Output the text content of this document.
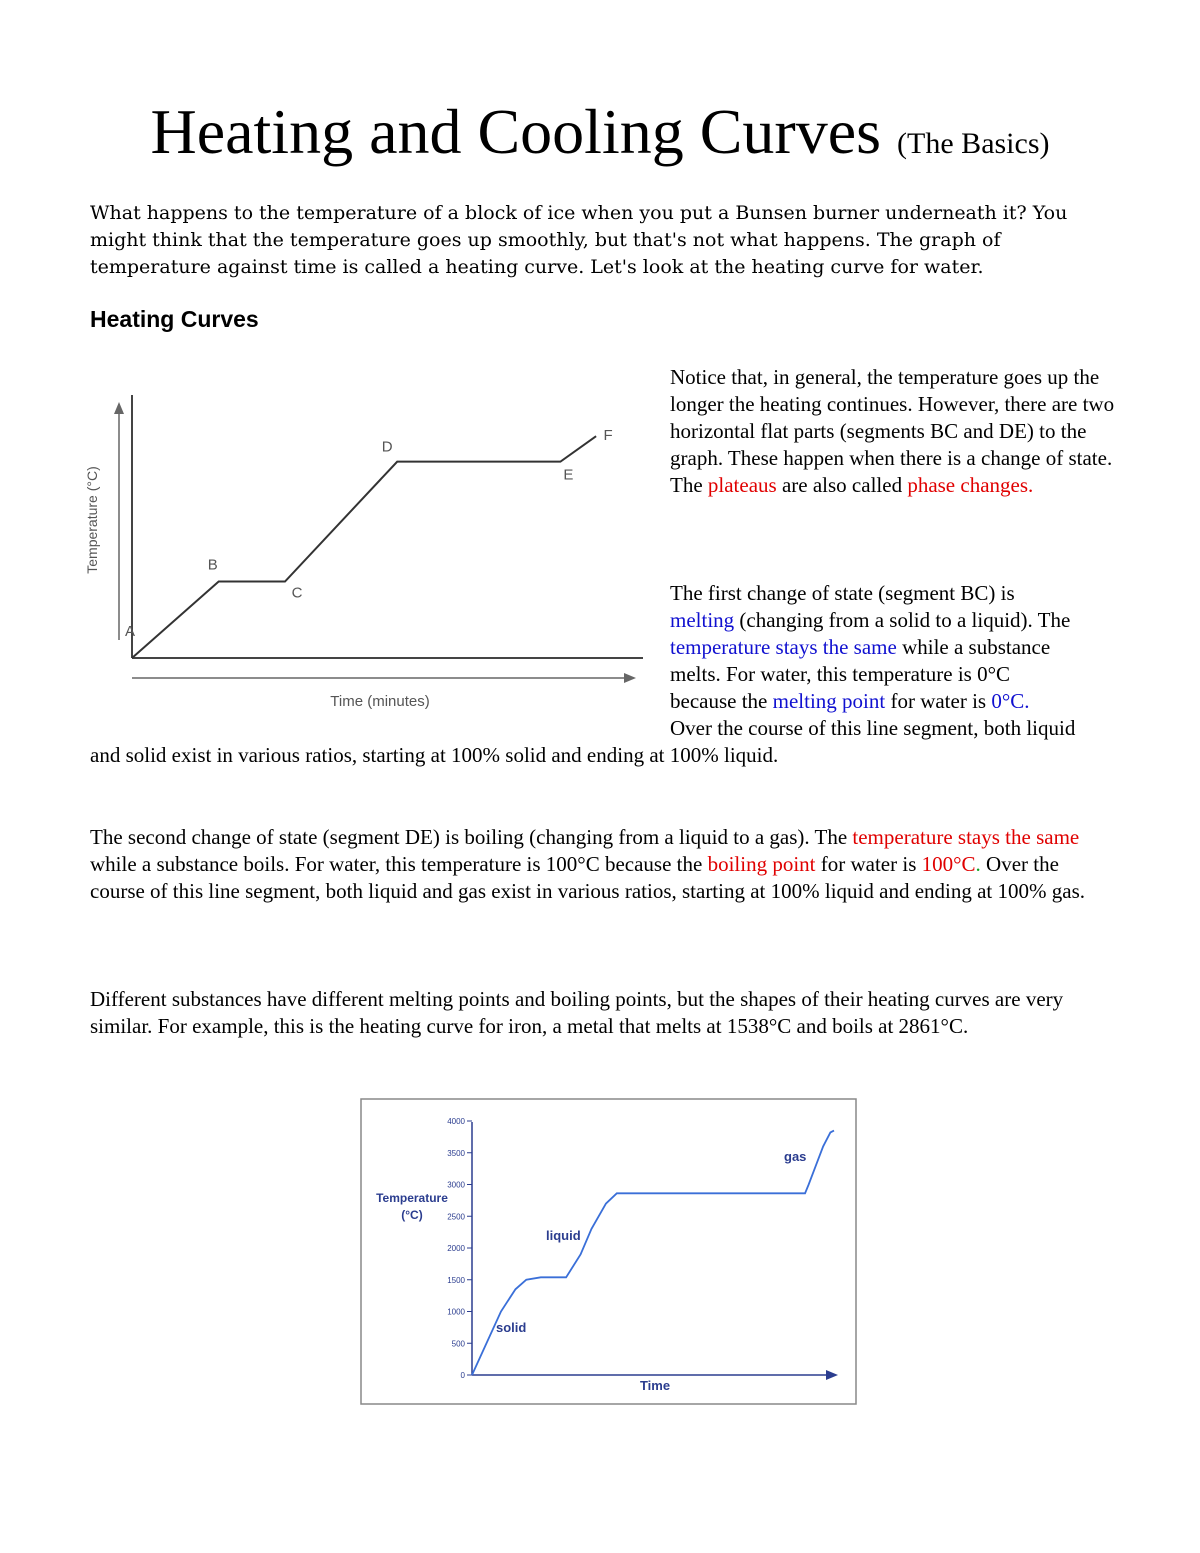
Heating and Cooling Curves (The Basics)

What happens to the temperature of a block of ice when you put a Bunsen burner underneath it? You might think that the temperature goes up smoothly, but that's not what happens. The graph of temperature against time is called a heating curve. Let's look at the heating curve for water.

Heating Curves
Temperature (°C)
Time (minutes)
A
B
C
D
E
F

Notice that, in general, the temperature goes up the longer the heating continues. However, there are two horizontal flat parts (segments BC and DE) to the graph. These happen when there is a change of state. The plateaus are also called phase changes.

The first change of state (segment BC) is

melting (changing from a solid to a liquid). The

temperature stays the same while a substance

melts. For water, this temperature is 0°C

because the melting point for water is 0°C.

Over the course of this line segment, both liquid

and solid exist in various ratios, starting at 100% solid and ending at 100% liquid.

The second change of state (segment DE) is boiling (changing from a liquid to a gas). The temperature stays the same while a substance boils. For water, this temperature is 100°C because the boiling point for water is 100°C. Over the course of this line segment, both liquid and gas exist in various ratios, starting at 100% liquid and ending at 100% gas.

Different substances have different melting points and boiling points, but the shapes of their heating curves are very similar. For example, this is the heating curve for iron, a metal that melts at 1538°C and boils at 2861°C.

0
500
1000
1500
2000
2500
3000
3500
4000
Temperature
(°C)
Time
solid
liquid
gas
